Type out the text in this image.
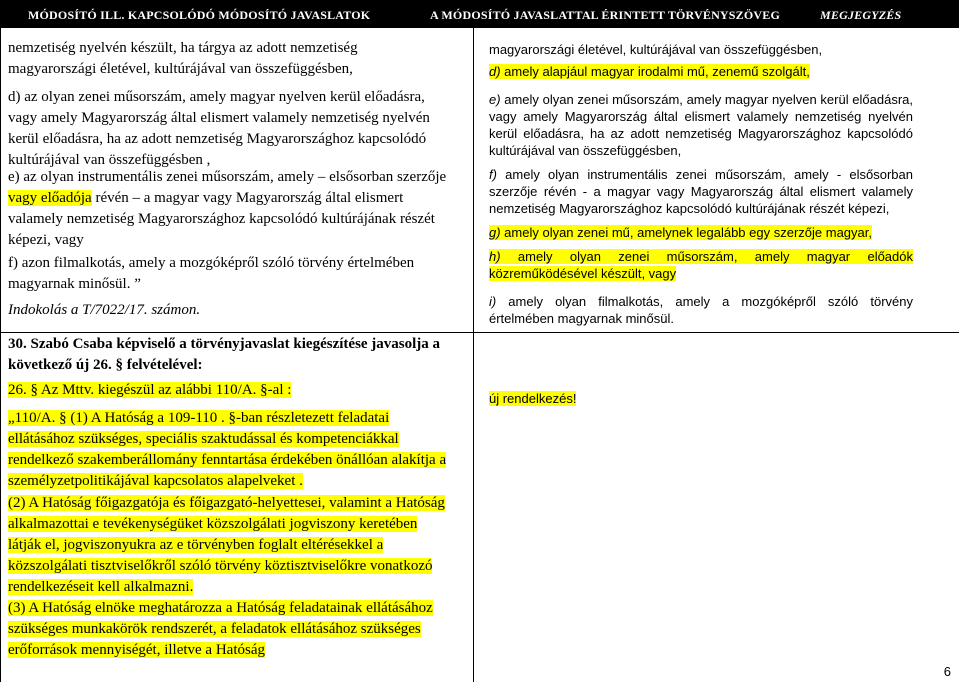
MÓDOSÍTÓ ILL. KAPCSOLÓDÓ MÓDOSÍTÓ JAVASLATOK	A MÓDOSÍTÓ JAVASLATTAL ÉRINTETT TÖRVÉNYSZÖVEG	MEGJEGYZÉS
nemzetiség nyelvén készült, ha tárgya az adott nemzetiség magyarországi életével, kultúrájával van összefüggésben,
d) az olyan zenei műsorszám, amely magyar nyelven kerül előadásra, vagy amely Magyarország által elismert valamely nemzetiség nyelvén kerül előadásra, ha az adott nemzetiség Magyarországhoz kapcsolódó kultúrájával van összefüggésben ,
e) az olyan instrumentális zenei műsorszám, amely – elsősorban szerzője vagy előadója révén – a magyar vagy Magyarország által elismert valamely nemzetiség Magyarországhoz kapcsolódó kultúrájának részét képezi, vagy
f) azon filmalkotás, amely a mozgóképről szóló törvény értelmében magyarnak minősül. ”
Indokolás a T/7022/17. számon.
30. Szabó Csaba képviselő a törvényjavaslat kiegészítése javasolja a következő új 26. § felvételével:
26. § Az Mttv. kiegészül az alábbi 110/A. §-al :
„110/A. § (1) A Hatóság a 109-110 . §-ban részletezett feladatai ellátásához szükséges, speciális szaktudással és kompetenciákkal rendelkező szakemberállomány fenntartása érdekében önállóan alakítja a személyzetpolitikájával kapcsolatos alapelveket .
(2) A Hatóság főigazgatója és főigazgató-helyettesei, valamint a Hatóság alkalmazottai e tevékenységüket közszolgálati jogviszony keretében látják el, jogviszonyukra az e törvényben foglalt eltérésekkel a közszolgálati tisztviselőkről szóló törvény köztisztviselőkre vonatkozó rendelkezéseit kell alkalmazni.
(3) A Hatóság elnöke meghatározza a Hatóság feladatainak ellátásához szükséges munkakörök rendszerét, a feladatok ellátásához szükséges erőforrások mennyiségét, illetve a Hatóság
magyarországi életével, kultúrájával van összefüggésben,
d) amely alapjául magyar irodalmi mű, zenemű szolgált,
e) amely olyan zenei műsorszám, amely magyar nyelven kerül előadásra, vagy amely Magyarország által elismert valamely nemzetiség nyelvén kerül előadásra, ha az adott nemzetiség Magyarországhoz kapcsolódó kultúrájával van összefüggésben,
f) amely olyan instrumentális zenei műsorszám, amely - elsősorban szerzője révén - a magyar vagy Magyarország által elismert valamely nemzetiség Magyarországhoz kapcsolódó kultúrájának részét képezi,
g) amely olyan zenei mű, amelynek legalább egy szerzője magyar,
h) amely olyan zenei műsorszám, amely magyar előadók közreműködésével készült, vagy
i) amely olyan filmalkotás, amely a mozgóképről szóló törvény értelmében magyarnak minősül.
új rendelkezés!
6
